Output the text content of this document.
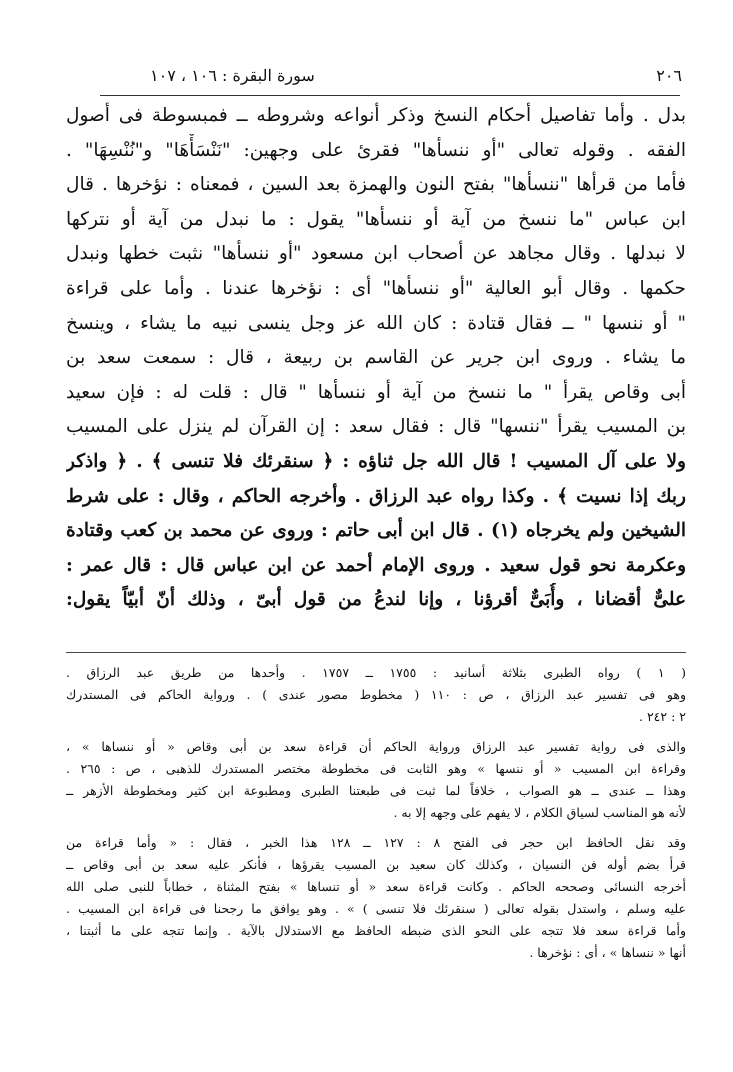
٢٠٦
سورة البقرة : ١٠٦ ، ١٠٧
بدل . وأما تفاصيل أحكام النسخ وذكر أنواعه وشروطه ــ فمبسوطة فى أصول
الفقه . وقوله تعالى "أو ننسأها" فقرئ على وجهين: "نَنْسَأْهَا" و"نُنْسِهَا" .
فأما من قرأها "ننسأها" بفتح النون والهمزة بعد السين ، فمعناه : نؤخرها . قال
ابن عباس "ما ننسخ من آية أو ننسأها" يقول : ما نبدل من آية أو نتركها
لا نبدلها . وقال مجاهد عن أصحاب ابن مسعود "أو ننسأها" نثبت خطها ونبدل
حكمها . وقال أبو العالية "أو ننسأها" أى : نؤخرها عندنا . وأما على قراءة
" أو ننسها " ــ فقال قتادة : كان الله عز وجل ينسى نبيه ما يشاء ، وينسخ
ما يشاء . وروى ابن جرير عن القاسم بن ربيعة ، قال : سمعت سعد بن
أبى وقاص يقرأ " ما ننسخ من آية أو ننسأها " قال : قلت له : فإن سعيد
بن المسيب يقرأ "ننسها" قال : فقال سعد : إن القرآن لم ينزل على المسيب
ولا على آل المسيب ! قال الله جل ثناؤه : ﴿ سنقرئك فلا تنسى ﴾ . ﴿ واذكر
ربك إذا نسيت ﴾ . وكذا رواه عبد الرزاق . وأخرجه الحاكم ، وقال : على شرط
الشيخين ولم يخرجاه (١) . قال ابن أبى حاتم : وروى عن محمد بن كعب وقتادة
وعكرمة نحو قول سعيد . وروى الإمام أحمد عن ابن عباس قال : قال عمر :
علىٌّ أقضانا ، وأُبَىٌّ أقرؤنا ، وإنا لندعُ من قول أبىّ ، وذلك أنّ أبيّاً يقول:
( ١ ) رواه الطبرى بثلاثة أسانيد : ١٧٥٥ ــ ١٧٥٧ . وأحدها من طريق عبد الرزاق .
وهو فى تفسير عبد الرزاق ، ص : ١١٠ ( مخطوط مصور عندى ) . ورواية الحاكم فى المستدرك
٢ : ٢٤٢ .
والذى فى رواية تفسير عبد الرزاق ورواية الحاكم أن قراءة سعد بن أبى وقاص « أو ننساها » ،
وقراءة ابن المسيب « أو ننسها » وهو الثابت فى مخطوطة مختصر المستدرك للذهبى ، ص : ٢٦٥ .
وهذا ــ عندى ــ هو الصواب ، خلافاً لما ثبت فى طبعتنا الطبرى ومطبوعة ابن كثير ومخطوطة الأزهر ــ
لأنه هو المناسب لسياق الكلام ، لا يفهم على وجهه إلا به .
وقد نقل الحافظ ابن حجر فى الفتح ٨ : ١٢٧ ــ ١٢٨ هذا الخبر ، فقال : « وأما قراءة من
قرأ بضم أوله فن النسيان ، وكذلك كان سعيد بن المسيب يقرؤها ، فأنكر عليه سعد بن أبى وقاص ــ
أخرجه النسائى وصححه الحاكم . وكانت قراءة سعد « أو تنساها » بفتح المثناة ، خطاباً للنبى صلى الله
عليه وسلم ، واستدل بقوله تعالى ( سنقرئك فلا تنسى ) » . وهو يوافق ما رجحنا فى قراءة ابن المسيب .
وأما قراءة سعد فلا تتجه على النحو الذى ضبطه الحافظ مع الاستدلال بالآية . وإنما تتجه على ما أثبتنا ،
أنها « ننساها » ، أى : نؤخرها .
